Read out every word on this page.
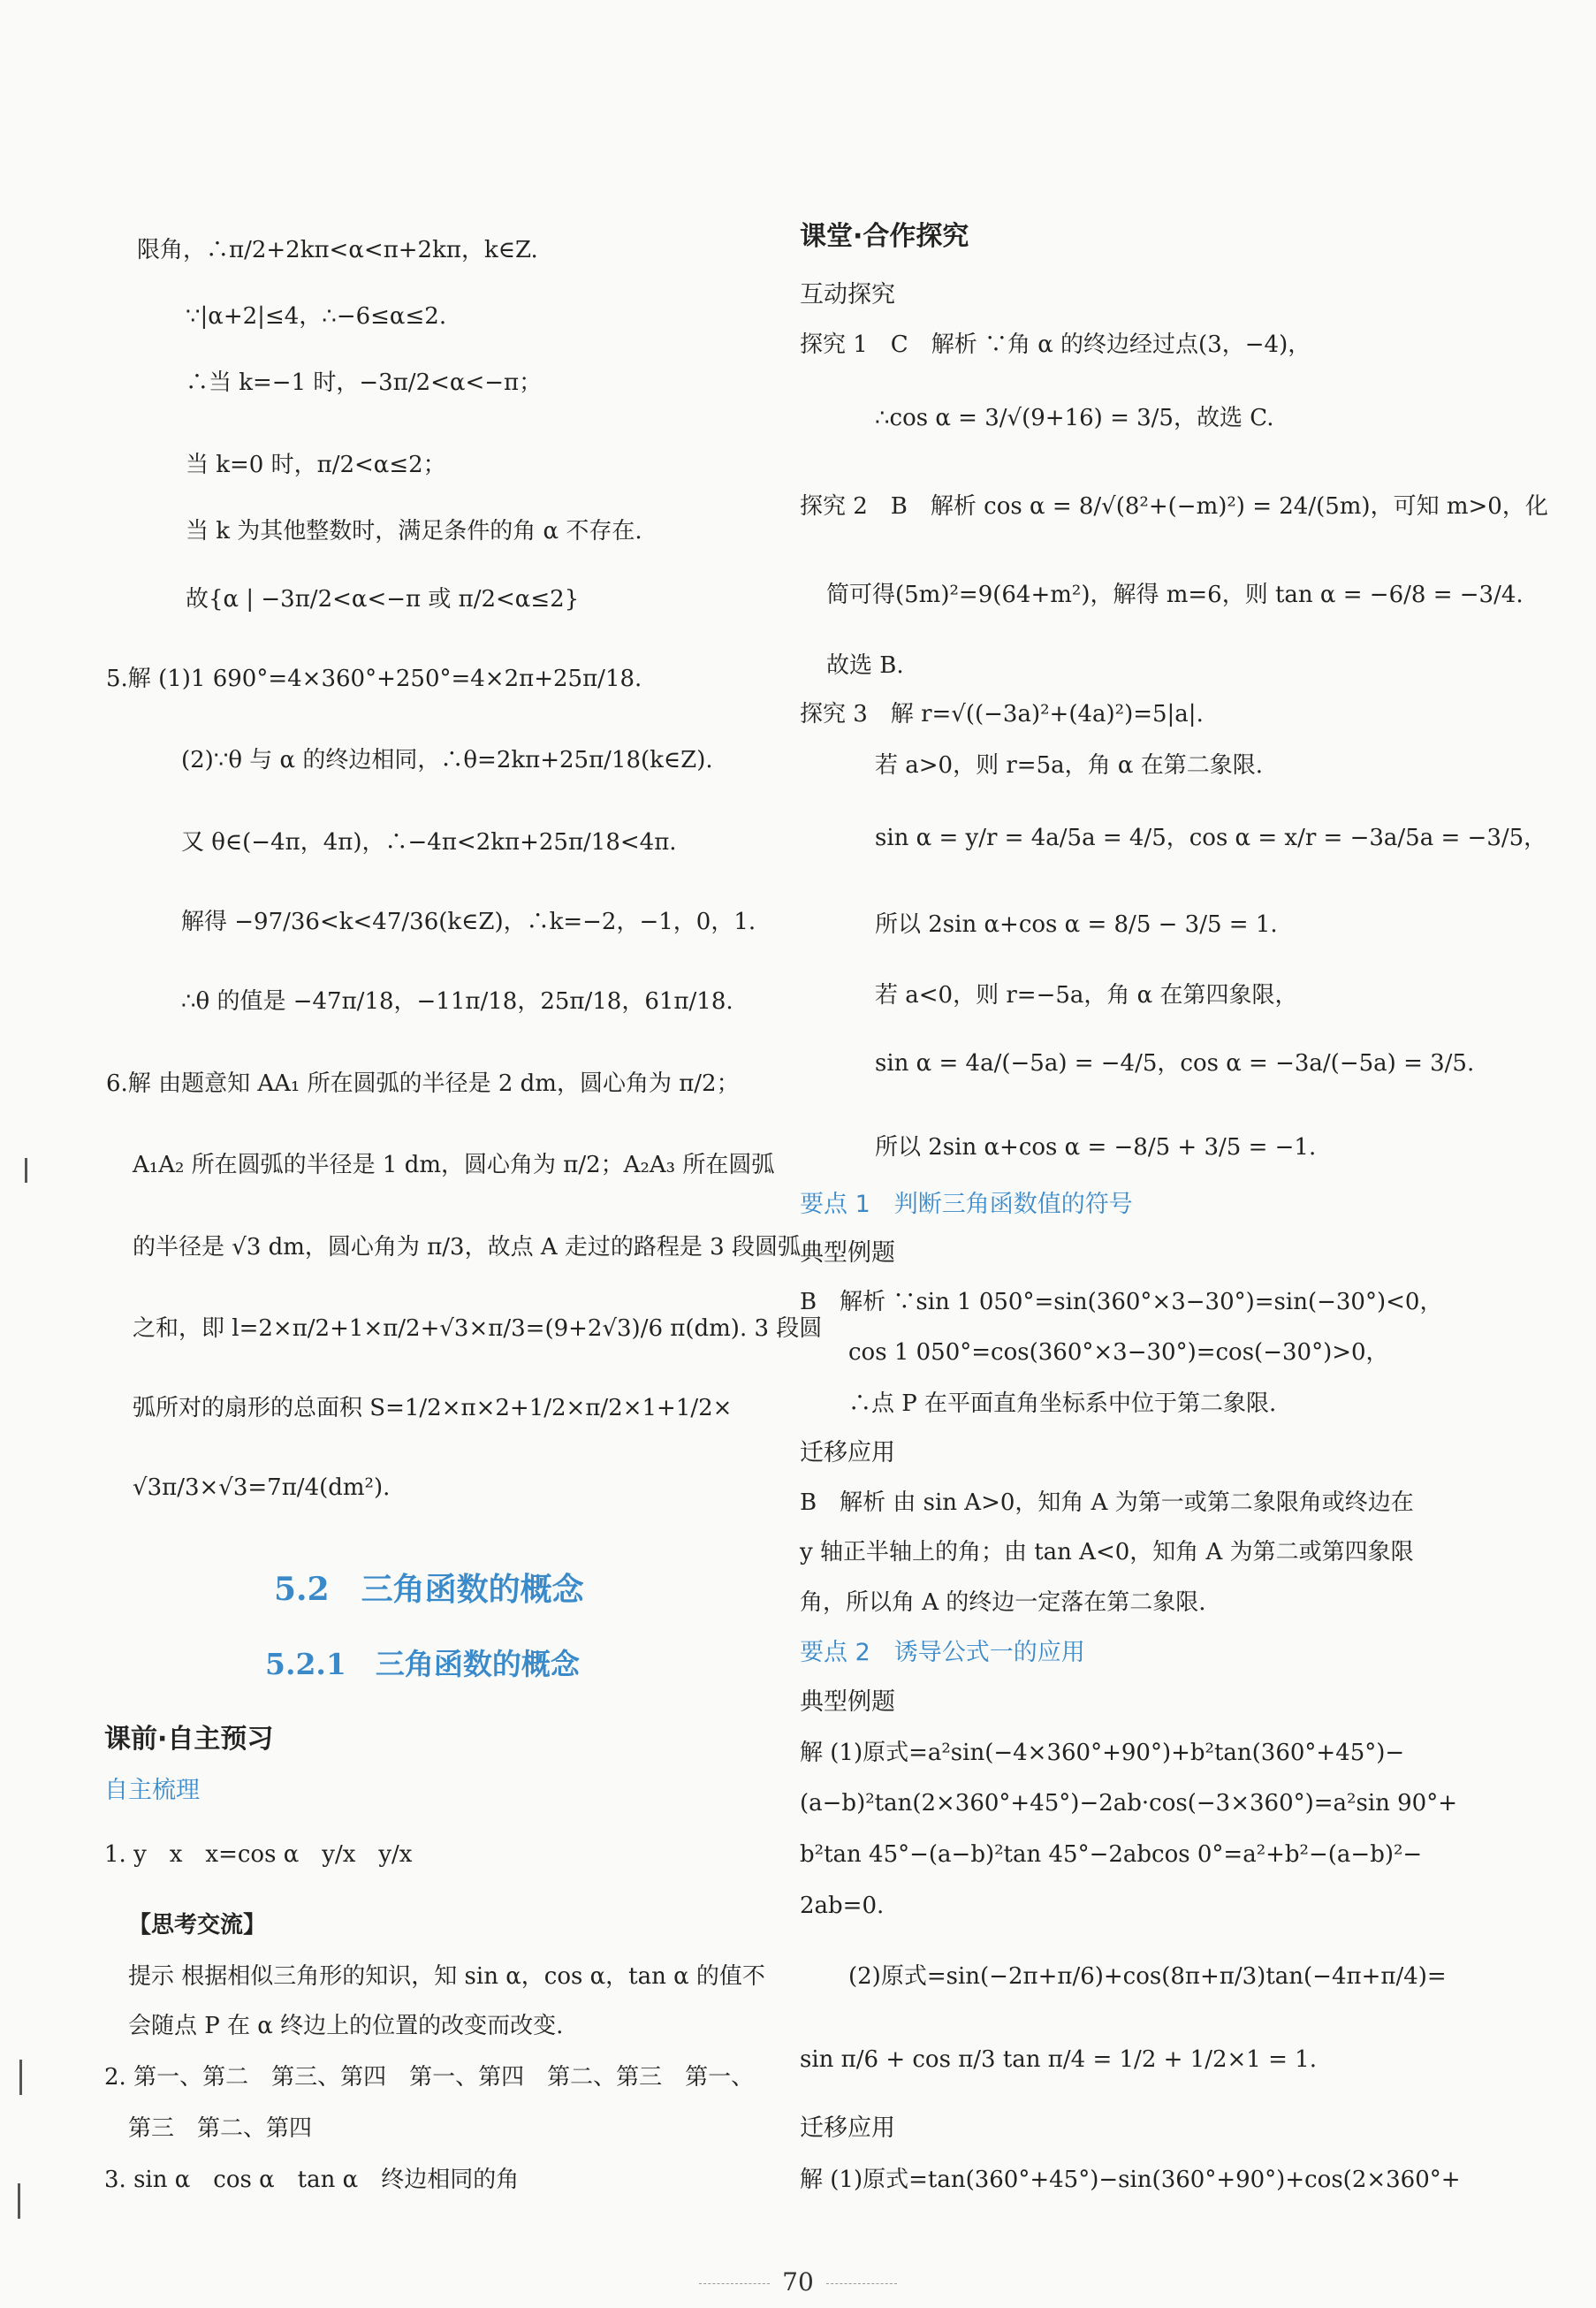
限角，∴π/2+2kπ<α<π+2kπ，k∈Z.
∵|α+2|≤4，∴−6≤α≤2.
∴当 k=−1 时，−3π/2<α<−π；
当 k=0 时，π/2<α≤2；
当 k 为其他整数时，满足条件的角 α 不存在.
故{α | −3π/2<α<−π 或 π/2<α≤2}
5.解 (1)1 690°=4×360°+250°=4×2π+25π/18.
(2)∵θ 与 α 的终边相同，∴θ=2kπ+25π/18(k∈Z).
又 θ∈(−4π，4π)，∴−4π<2kπ+25π/18<4π.
解得 −97/36<k<47/36(k∈Z)，∴k=−2，−1，0，1.
∴θ 的值是 −47π/18，−11π/18，25π/18，61π/18.
6.解 由题意知 AA₁ 所在圆弧的半径是 2 dm，圆心角为 π/2；
A₁A₂ 所在圆弧的半径是 1 dm，圆心角为 π/2；A₂A₃ 所在圆弧
的半径是 √3 dm，圆心角为 π/3，故点 A 走过的路程是 3 段圆弧
之和，即 l=2×π/2+1×π/2+√3×π/3=(9+2√3)/6 π(dm). 3 段圆
弧所对的扇形的总面积 S=1/2×π×2+1/2×π/2×1+1/2×
√3π/3×√3=7π/4(dm²).
5.2　三角函数的概念
5.2.1　三角函数的概念
课前·自主预习
自主梳理
1. y　x　x=cos α　y/x　y/x
【思考交流】
提示 根据相似三角形的知识，知 sin α，cos α，tan α 的值不
会随点 P 在 α 终边上的位置的改变而改变.
2. 第一、第二　第三、第四　第一、第四　第二、第三　第一、
第三　第二、第四
3. sin α　cos α　tan α　终边相同的角
课堂·合作探究
互动探究
探究 1　C　解析 ∵角 α 的终边经过点(3，−4)，
∴cos α = 3/√(9+16) = 3/5，故选 C.
探究 2　B　解析 cos α = 8/√(8²+(−m)²) = 24/(5m)，可知 m>0，化
简可得(5m)²=9(64+m²)，解得 m=6，则 tan α = −6/8 = −3/4.
故选 B.
探究 3　解 r=√((−3a)²+(4a)²)=5|a|.
若 a>0，则 r=5a，角 α 在第二象限.
sin α = y/r = 4a/5a = 4/5，cos α = x/r = −3a/5a = −3/5，
所以 2sin α+cos α = 8/5 − 3/5 = 1.
若 a<0，则 r=−5a，角 α 在第四象限，
sin α = 4a/(−5a) = −4/5，cos α = −3a/(−5a) = 3/5.
所以 2sin α+cos α = −8/5 + 3/5 = −1.
要点 1　判断三角函数值的符号
典型例题
B　解析 ∵sin 1 050°=sin(360°×3−30°)=sin(−30°)<0，
cos 1 050°=cos(360°×3−30°)=cos(−30°)>0，
∴点 P 在平面直角坐标系中位于第二象限.
迁移应用
B　解析 由 sin A>0，知角 A 为第一或第二象限角或终边在
y 轴正半轴上的角；由 tan A<0，知角 A 为第二或第四象限
角，所以角 A 的终边一定落在第二象限.
要点 2　诱导公式一的应用
典型例题
解 (1)原式=a²sin(−4×360°+90°)+b²tan(360°+45°)−
(a−b)²tan(2×360°+45°)−2ab·cos(−3×360°)=a²sin 90°+
b²tan 45°−(a−b)²tan 45°−2abcos 0°=a²+b²−(a−b)²−
2ab=0.
(2)原式=sin(−2π+π/6)+cos(8π+π/3)tan(−4π+π/4)=
sin π/6 + cos π/3 tan π/4 = 1/2 + 1/2×1 = 1.
迁移应用
解 (1)原式=tan(360°+45°)−sin(360°+90°)+cos(2×360°+
70
